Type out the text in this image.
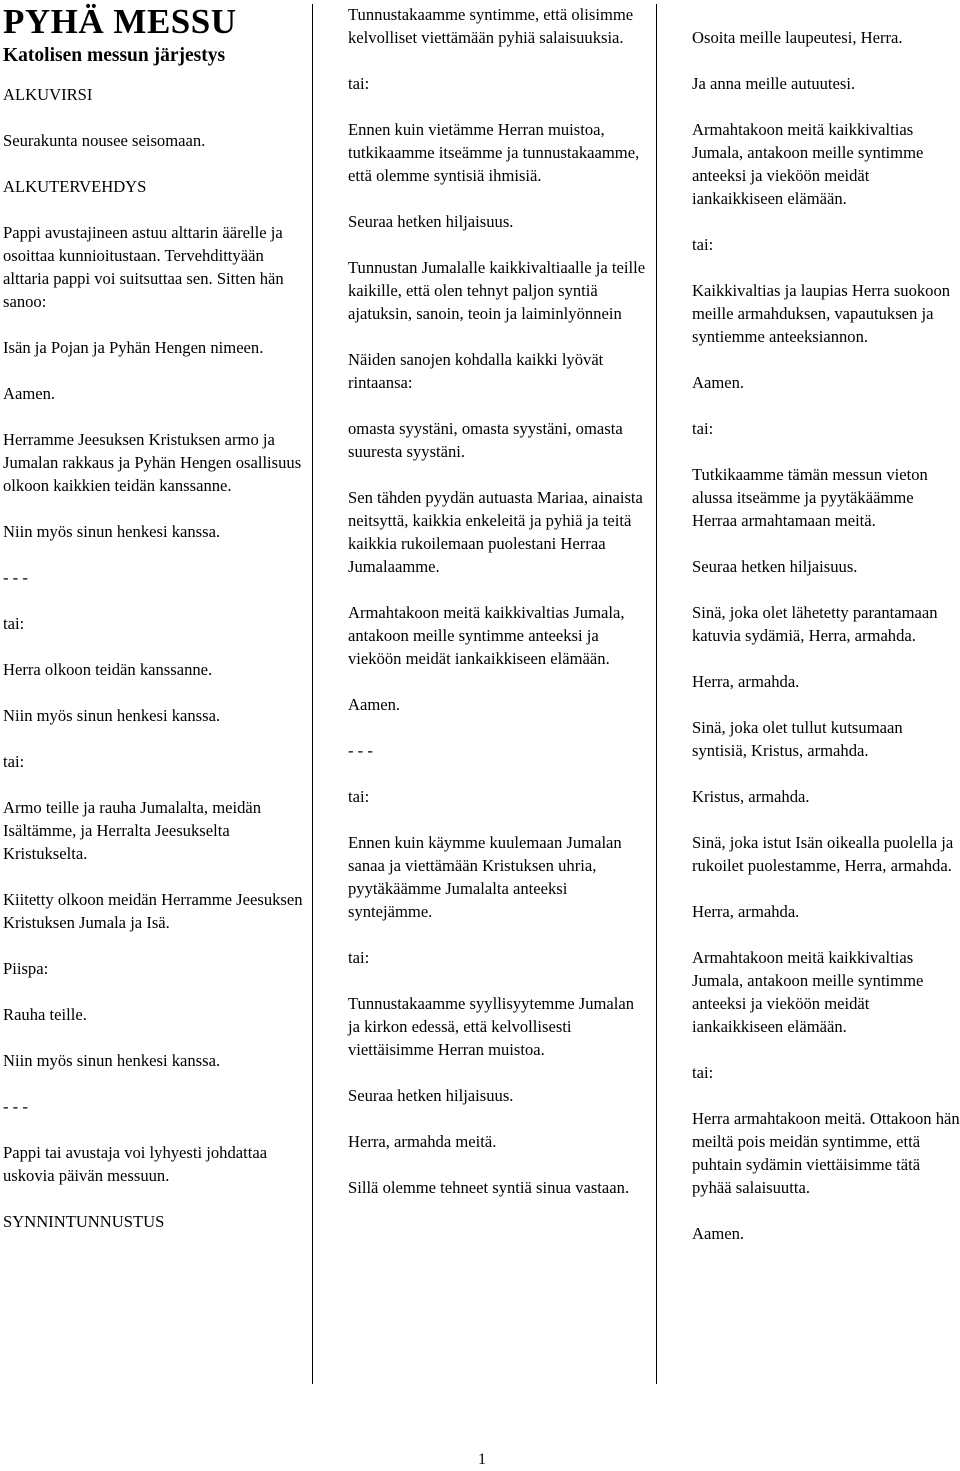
PYHÄ MESSU
Katolisen messun järjestys

ALKUVIRSI

Seurakunta nousee seisomaan.

ALKUTERVEHDYS

Pappi avustajineen astuu alttarin äärelle ja osoittaa kunnioitustaan. Tervehdittyään alttaria pappi voi suitsuttaa sen. Sitten hän sanoo:

Isän ja Pojan ja Pyhän Hengen nimeen.

Aamen.

Herramme Jeesuksen Kristuksen armo ja Jumalan rakkaus ja Pyhän Hengen osallisuus olkoon kaikkien teidän kanssanne.

Niin myös sinun henkesi kanssa.

- - -

tai:

Herra olkoon teidän kanssanne.

Niin myös sinun henkesi kanssa.

tai:

Armo teille ja rauha Jumalalta, meidän Isältämme, ja Herralta Jeesukselta Kristukselta.

Kiitetty olkoon meidän Herramme Jeesuksen Kristuksen Jumala ja Isä.

Piispa:

Rauha teille.

Niin myös sinun henkesi kanssa.

- - -

Pappi tai avustaja voi lyhyesti johdattaa uskovia päivän messuun.

SYNNINTUNNUSTUS

Tunnustakaamme syntimme, että olisimme kelvolliset viettämään pyhiä salaisuuksia.

tai:

Ennen kuin vietämme Herran muistoa, tutkikaamme itseämme ja tunnustakaamme, että olemme syntisiä ihmisiä.

Seuraa hetken hiljaisuus.

Tunnustan Jumalalle kaikkivaltiaalle ja teille kaikille, että olen tehnyt paljon syntiä ajatuksin, sanoin, teoin ja laiminlyönnein

Näiden sanojen kohdalla kaikki lyövät rintaansa:

omasta syystäni, omasta syystäni, omasta suuresta syystäni.

Sen tähden pyydän autuasta Mariaa, ainaista neitsyttä, kaikkia enkeleitä ja pyhiä ja teitä kaikkia rukoilemaan puolestani Herraa Jumalaamme.

Armahtakoon meitä kaikkivaltias Jumala, antakoon meille syntimme anteeksi ja vieköön meidät iankaikkiseen elämään.

Aamen.

- - -

tai:

Ennen kuin käymme kuulemaan Jumalan sanaa ja viettämään Kristuksen uhria, pyytäkäämme Jumalalta anteeksi syntejämme.

tai:

Tunnustakaamme syyllisyytemme Jumalan ja kirkon edessä, että kelvollisesti viettäisimme Herran muistoa.

Seuraa hetken hiljaisuus.

Herra, armahda meitä.

Sillä olemme tehneet syntiä sinua vastaan.

Osoita meille laupeutesi, Herra.

Ja anna meille autuutesi.

Armahtakoon meitä kaikkivaltias Jumala, antakoon meille syntimme anteeksi ja vieköön meidät iankaikkiseen elämään.

tai:

Kaikkivaltias ja laupias Herra suokoon meille armahduksen, vapautuksen ja syntiemme anteeksiannon.

Aamen.

tai:

Tutkikaamme tämän messun vieton alussa itseämme ja pyytäkäämme Herraa armahtamaan meitä.

Seuraa hetken hiljaisuus.

Sinä, joka olet lähetetty parantamaan katuvia sydämiä, Herra, armahda.

Herra, armahda.

Sinä, joka olet tullut kutsumaan syntisiä, Kristus, armahda.

Kristus, armahda.

Sinä, joka istut Isän oikealla puolella ja rukoilet puolestamme, Herra, armahda.

Herra, armahda.

Armahtakoon meitä kaikkivaltias Jumala, antakoon meille syntimme anteeksi ja vieköön meidät iankaikkiseen elämään.

tai:

Herra armahtakoon meitä. Ottakoon hän meiltä pois meidän syntimme, että puhtain sydämin viettäisimme tätä pyhää salaisuutta.

Aamen.

1
